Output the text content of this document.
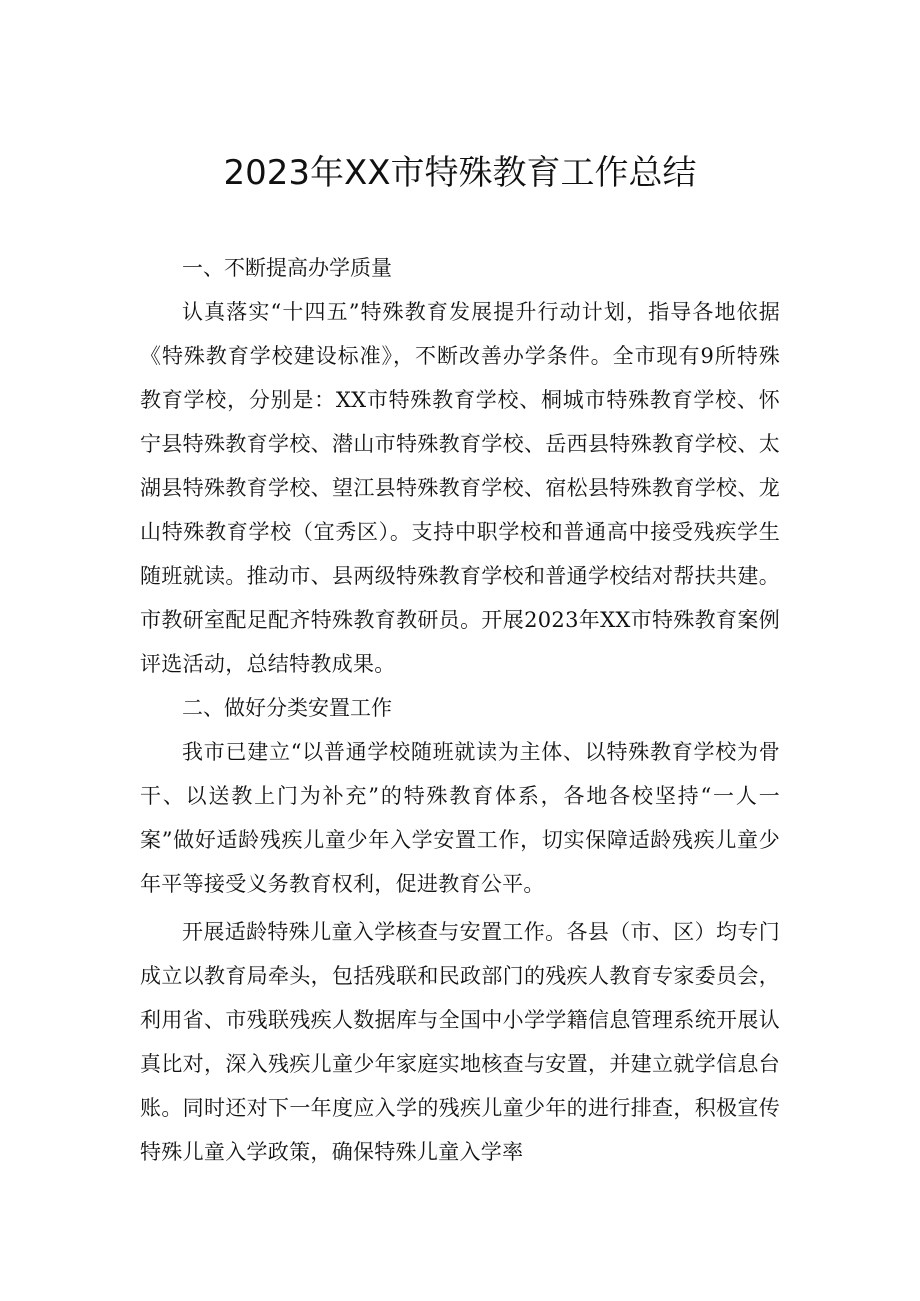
2023年XX市特殊教育工作总结

一、不断提高办学质量

认真落实“十四五”特殊教育发展提升行动计划，指导各地依据《特殊教育学校建设标准》，不断改善办学条件。全市现有9所特殊教育学校，分别是：XX市特殊教育学校、桐城市特殊教育学校、怀宁县特殊教育学校、潜山市特殊教育学校、岳西县特殊教育学校、太湖县特殊教育学校、望江县特殊教育学校、宿松县特殊教育学校、龙山特殊教育学校（宜秀区）。支持中职学校和普通高中接受残疾学生随班就读。推动市、县两级特殊教育学校和普通学校结对帮扶共建。市教研室配足配齐特殊教育教研员。开展2023年XX市特殊教育案例评选活动，总结特教成果。

二、做好分类安置工作

我市已建立“以普通学校随班就读为主体、以特殊教育学校为骨干、以送教上门为补充”的特殊教育体系，各地各校坚持“一人一案”做好适龄残疾儿童少年入学安置工作，切实保障适龄残疾儿童少年平等接受义务教育权利，促进教育公平。

开展适龄特殊儿童入学核查与安置工作。各县（市、区）均专门成立以教育局牵头，包括残联和民政部门的残疾人教育专家委员会，利用省、市残联残疾人数据库与全国中小学学籍信息管理系统开展认真比对，深入残疾儿童少年家庭实地核查与安置，并建立就学信息台账。同时还对下一年度应入学的残疾儿童少年的进行排查，积极宣传特殊儿童入学政策，确保特殊儿童入学率
